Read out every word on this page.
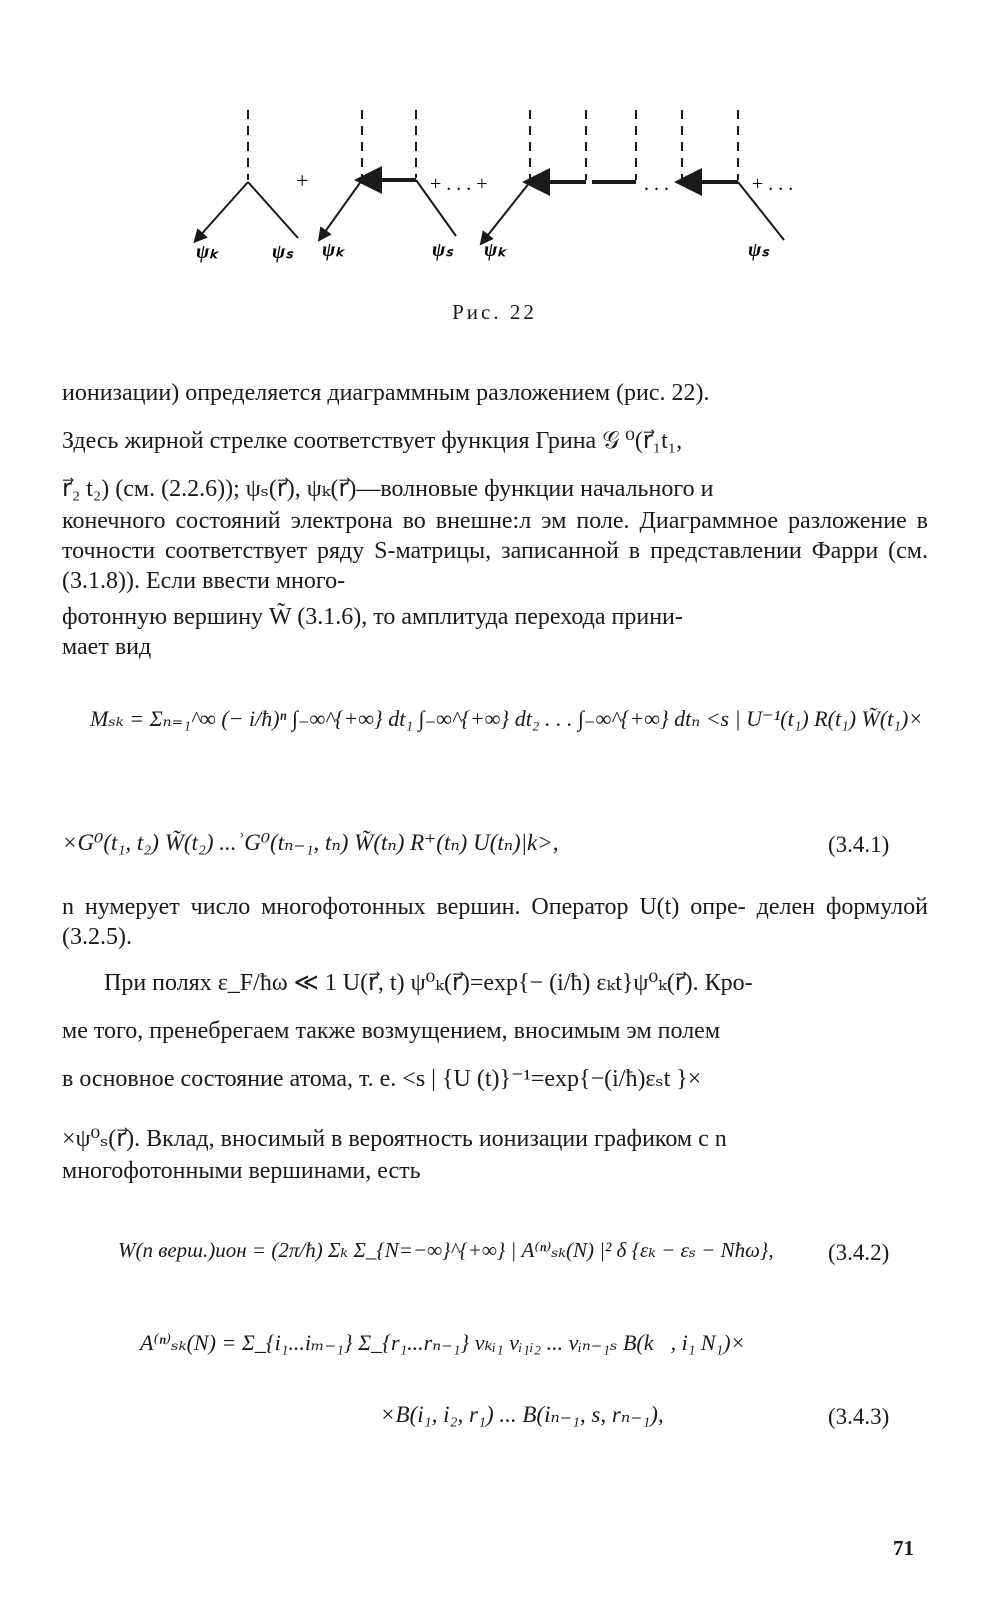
+	+ . . . +	. . .	+ . . .
ψₖ	ψₛ ψₖ	ψₛ ψₖ	ψₛ
Рис. 22
ионизации) определяется диаграммным разложением (рис. 22).
Здесь жирной стрелке соответствует функция Грина 𝒢 ⁰(r⃗₁t₁,
r⃗₂ t₂) (см. (2.2.6)); ψₛ(r⃗), ψₖ(r⃗)—волновые функции начального и
конечного состояний электрона во внешне:л эм поле. Диаграммное разложение в точности соответствует ряду S-матрицы, записанной в представлении Фарри (см. (3.1.8)). Если ввести много-
фотонную вершину W̃ (3.1.6), то амплитуда перехода прини-
мает вид
Mₛₖ = Σₙ₌₁^∞ (− i/ħ)ⁿ ∫₋∞^{+∞} dt₁ ∫₋∞^{+∞} dt₂ . . . ∫₋∞^{+∞} dtₙ <s | U⁻¹(t₁) R(t₁) W̃(t₁)×
×G⁰(t₁, t₂) W̃(t₂) ...ʾG⁰(tₙ₋₁, tₙ) W̃(tₙ) R⁺(tₙ) U(tₙ)|k>,	(3.4.1)
n нумерует число многофотонных вершин. Оператор U(t) опре- делен формулой (3.2.5).
При полях ε_F/ħω ≪ 1 U(r⃗, t) ψ⁰ₖ(r⃗)=exp{− (i/ħ) εₖt}ψ⁰ₖ(r⃗). Кро-
ме того, пренебрегаем также возмущением, вносимым эм полем
в основное состояние атома, т. е. <s | {U (t)}⁻¹=exp{−(i/ħ)εₛt }×
×ψ⁰ₛ(r⃗). Вклад, вносимый в вероятность ионизации графиком с n
многофотонными вершинами, есть
W(n верш.)ион = (2π/ħ) Σₖ Σ_{N=−∞}^{+∞} | A⁽ⁿ⁾ₛₖ(N) |² δ {εₖ − εₛ − Nħω}, (3.4.2)
A⁽ⁿ⁾ₛₖ(N) = Σ_{i₁...iₘ₋₁} Σ_{r₁...rₙ₋₁} vₖᵢ₁ vᵢ₁ᵢ₂ ... vᵢₙ₋₁ₛ B(k⃗, i₁ N₁)×
×B(i₁, i₂, r₁) ... B(iₙ₋₁, s, rₙ₋₁),	(3.4.3)
71
